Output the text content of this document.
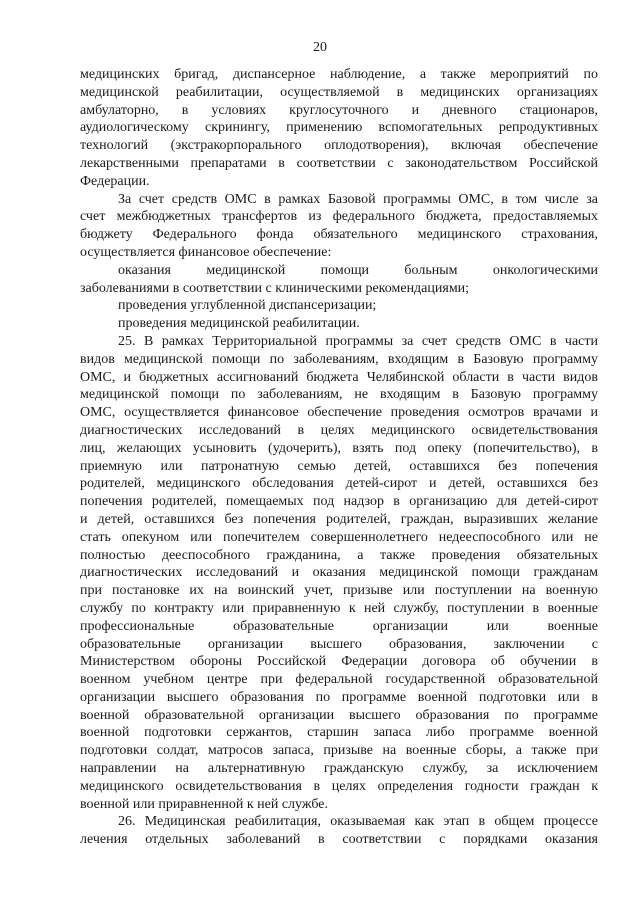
20
медицинских бригад, диспансерное наблюдение, а также мероприятий по
медицинской реабилитации, осуществляемой в медицинских организациях
амбулаторно, в условиях круглосуточного и дневного стационаров,
аудиологическому скринингу, применению вспомогательных репродуктивных
технологий (экстракорпорального оплодотворения), включая обеспечение
лекарственными препаратами в соответствии с законодательством Российской
Федерации.
За счет средств ОМС в рамках Базовой программы ОМС, в том числе за
счет межбюджетных трансфертов из федерального бюджета, предоставляемых
бюджету Федерального фонда обязательного медицинского страхования,
осуществляется финансовое обеспечение:
оказания медицинской помощи больным онкологическими
заболеваниями в соответствии с клиническими рекомендациями;
проведения углубленной диспансеризации;
проведения медицинской реабилитации.
25. В рамках Территориальной программы за счет средств ОМС в части
видов медицинской помощи по заболеваниям, входящим в Базовую программу
ОМС, и бюджетных ассигнований бюджета Челябинской области в части видов
медицинской помощи по заболеваниям, не входящим в Базовую программу
ОМС, осуществляется финансовое обеспечение проведения осмотров врачами и
диагностических исследований в целях медицинского освидетельствования
лиц, желающих усыновить (удочерить), взять под опеку (попечительство), в
приемную или патронатную семью детей, оставшихся без попечения
родителей, медицинского обследования детей-сирот и детей, оставшихся без
попечения родителей, помещаемых под надзор в организацию для детей-сирот
и детей, оставшихся без попечения родителей, граждан, выразивших желание
стать опекуном или попечителем совершеннолетнего недееспособного или не
полностью дееспособного гражданина, а также проведения обязательных
диагностических исследований и оказания медицинской помощи гражданам
при постановке их на воинский учет, призыве или поступлении на военную
службу по контракту или приравненную к ней службу, поступлении в военные
профессиональные образовательные организации или военные
образовательные организации высшего образования, заключении с
Министерством обороны Российской Федерации договора об обучении в
военном учебном центре при федеральной государственной образовательной
организации высшего образования по программе военной подготовки или в
военной образовательной организации высшего образования по программе
военной подготовки сержантов, старшин запаса либо программе военной
подготовки солдат, матросов запаса, призыве на военные сборы, а также при
направлении на альтернативную гражданскую службу, за исключением
медицинского освидетельствования в целях определения годности граждан к
военной или приравненной к ней службе.
26. Медицинская реабилитация, оказываемая как этап в общем процессе
лечения отдельных заболеваний в соответствии с порядками оказания
